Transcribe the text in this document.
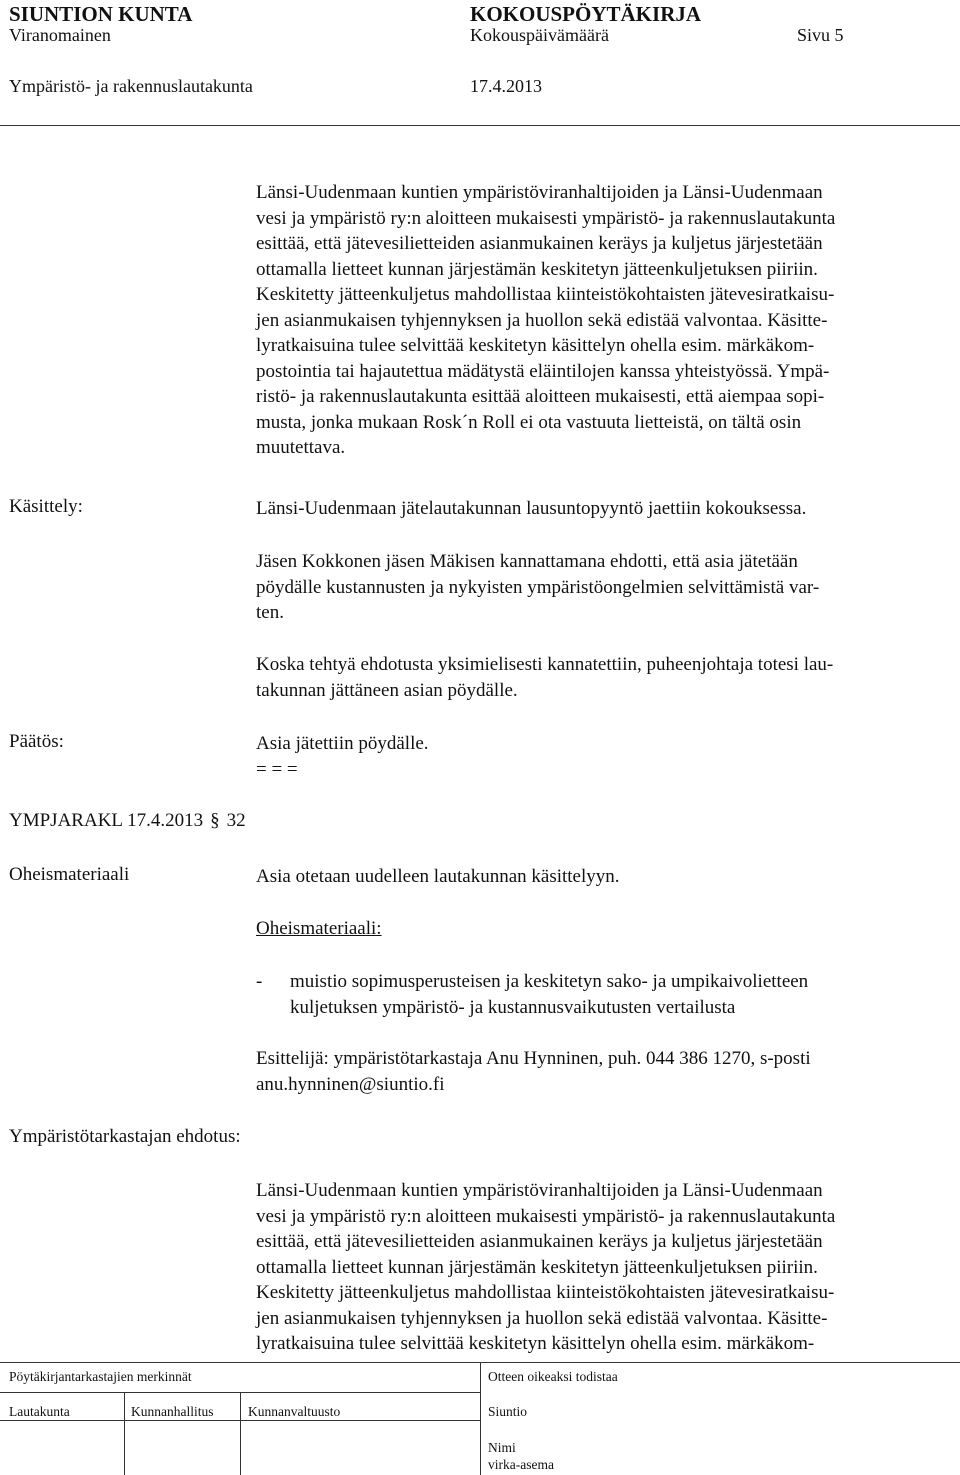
SIUNTION KUNTA	KOKOUSPÖYTÄKIRJA
Viranomainen	Kokouspäivämäärä	Sivu 5
Ympäristö- ja rakennuslautakunta	17.4.2013
Länsi-Uudenmaan kuntien ympäristöviranhaltijoiden ja Länsi-Uudenmaan
vesi ja ympäristö ry:n aloitteen mukaisesti ympäristö- ja rakennuslautakunta
esittää, että jätevesilietteiden asianmukainen keräys ja kuljetus järjestetään
ottamalla lietteet kunnan järjestämän keskitetyn jätteenkuljetuksen piiriin.
Keskitetty jätteenkuljetus mahdollistaa kiinteistökohtaisten jätevesiratkaisu-
jen asianmukaisen tyhjennyksen ja huollon sekä edistää valvontaa. Käsitte-
lyratkaisuina tulee selvittää keskitetyn käsittelyn ohella esim. märkäkom-
postointia tai hajautettua mädätystä eläintilojen kanssa yhteistyössä. Ympä-
ristö- ja rakennuslautakunta esittää aloitteen mukaisesti, että aiempaa sopi-
musta, jonka mukaan Rosk´n Roll ei ota vastuuta lietteistä, on tältä osin
muutettava.
Käsittely:	Länsi-Uudenmaan jätelautakunnan lausuntopyyntö jaettiin kokouksessa.
Jäsen Kokkonen jäsen Mäkisen kannattamana ehdotti, että asia jätetään
pöydälle kustannusten ja nykyisten ympäristöongelmien selvittämistä var-
ten.
Koska tehtyä ehdotusta yksimielisesti kannatettiin, puheenjohtaja totesi lau-
takunnan jättäneen asian pöydälle.
Päätös:	Asia jätettiin pöydälle.
= = =
YMPJARAKL 17.4.2013 § 32
Oheismateriaali	Asia otetaan uudelleen lautakunnan käsittelyyn.
Oheismateriaali:
- muistio sopimusperusteisen ja keskitetyn sako- ja umpikaivolietteen
kuljetuksen ympäristö- ja kustannusvaikutusten vertailusta
Esittelijä: ympäristötarkastaja Anu Hynninen, puh. 044 386 1270, s-posti
anu.hynninen@siuntio.fi
Ympäristötarkastajan ehdotus:
Länsi-Uudenmaan kuntien ympäristöviranhaltijoiden ja Länsi-Uudenmaan
vesi ja ympäristö ry:n aloitteen mukaisesti ympäristö- ja rakennuslautakunta
esittää, että jätevesilietteiden asianmukainen keräys ja kuljetus järjestetään
ottamalla lietteet kunnan järjestämän keskitetyn jätteenkuljetuksen piiriin.
Keskitetty jätteenkuljetus mahdollistaa kiinteistökohtaisten jätevesiratkaisu-
jen asianmukaisen tyhjennyksen ja huollon sekä edistää valvontaa. Käsitte-
lyratkaisuina tulee selvittää keskitetyn käsittelyn ohella esim. märkäkom-
Pöytäkirjantarkastajien merkinnät
Lautakunta	Kunnanhallitus	Kunnanvaltuusto
Otteen oikeaksi todistaa
Siuntio
Nimi
virka-asema
